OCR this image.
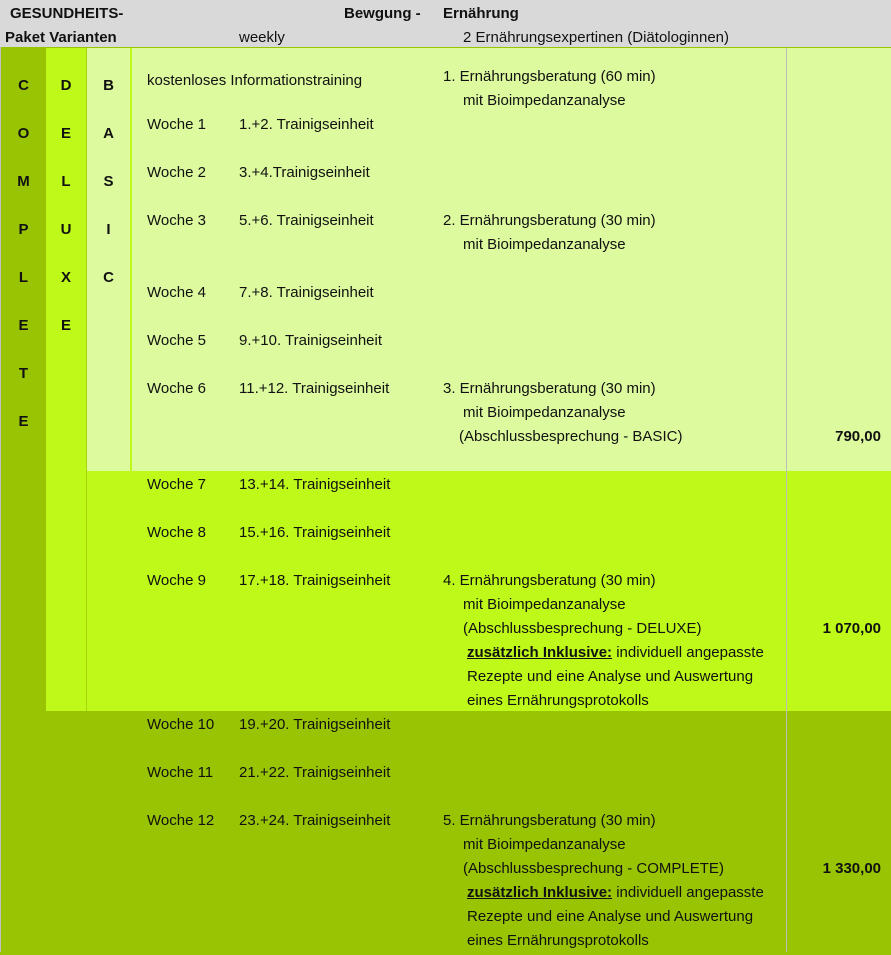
GESUNDHEITS-
Paket Varianten
Bewgung -
weekly
Ernährung
2 Ernährungsexpertinen (Diätologinnen)
C
O
M
P
L
E
T
E
D
E
L
U
X
E
B
A
S
I
C
kostenloses Informationstraining
Woche 1 1.+2. Trainigseinheit
Woche 2 3.+4.Trainigseinheit
Woche 3 5.+6. Trainigseinheit
Woche 4 7.+8. Trainigseinheit
Woche 5 9.+10. Trainigseinheit
Woche 6 11.+12. Trainigseinheit
Woche 7 13.+14. Trainigseinheit
Woche 8 15.+16. Trainigseinheit
Woche 9 17.+18. Trainigseinheit
Woche 10 19.+20. Trainigseinheit
Woche 11 21.+22. Trainigseinheit
Woche 12 23.+24. Trainigseinheit
1. Ernährungsberatung (60 min)
mit Bioimpedanzanalyse
2. Ernährungsberatung (30 min)
mit Bioimpedanzanalyse
3. Ernährungsberatung (30 min)
mit Bioimpedanzanalyse
(Abschlussbesprechung - BASIC)
4. Ernährungsberatung (30 min)
mit Bioimpedanzanalyse
(Abschlussbesprechung - DELUXE)
zusätzlich Inklusive: individuell angepasste
Rezepte und eine Analyse und Auswertung
eines Ernährungsprotokolls
5. Ernährungsberatung (30 min)
mit Bioimpedanzanalyse
(Abschlussbesprechung - COMPLETE)
zusätzlich Inklusive: individuell angepasste
Rezepte und eine Analyse und Auswertung
eines Ernährungsprotokolls
790,00
1 070,00
1 330,00
